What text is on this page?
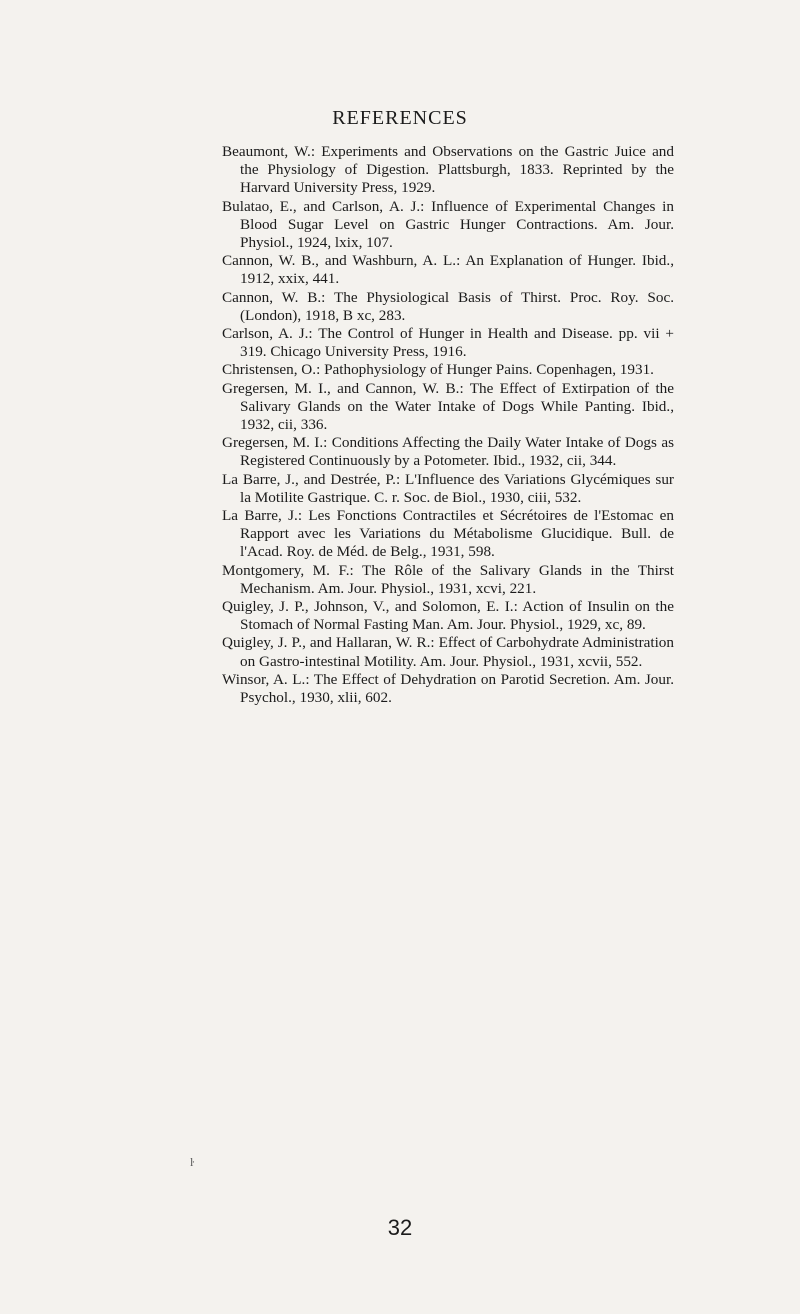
REFERENCES
Beaumont, W.: Experiments and Observations on the Gastric Juice and the Physiology of Digestion. Plattsburgh, 1833. Reprinted by the Harvard University Press, 1929.
Bulatao, E., and Carlson, A. J.: Influence of Experimental Changes in Blood Sugar Level on Gastric Hunger Contractions. Am. Jour. Physiol., 1924, lxix, 107.
Cannon, W. B., and Washburn, A. L.: An Explanation of Hunger. Ibid., 1912, xxix, 441.
Cannon, W. B.: The Physiological Basis of Thirst. Proc. Roy. Soc. (London), 1918, B xc, 283.
Carlson, A. J.: The Control of Hunger in Health and Disease. pp. vii + 319. Chicago University Press, 1916.
Christensen, O.: Pathophysiology of Hunger Pains. Copenhagen, 1931.
Gregersen, M. I., and Cannon, W. B.: The Effect of Extirpation of the Salivary Glands on the Water Intake of Dogs While Panting. Ibid., 1932, cii, 336.
Gregersen, M. I.: Conditions Affecting the Daily Water Intake of Dogs as Registered Continuously by a Potometer. Ibid., 1932, cii, 344.
La Barre, J., and Destrée, P.: L'Influence des Variations Glycémiques sur la Motilite Gastrique. C. r. Soc. de Biol., 1930, ciii, 532.
La Barre, J.: Les Fonctions Contractiles et Sécrétoires de l'Estomac en Rapport avec les Variations du Métabolisme Glucidique. Bull. de l'Acad. Roy. de Méd. de Belg., 1931, 598.
Montgomery, M. F.: The Rôle of the Salivary Glands in the Thirst Mechanism. Am. Jour. Physiol., 1931, xcvi, 221.
Quigley, J. P., Johnson, V., and Solomon, E. I.: Action of Insulin on the Stomach of Normal Fasting Man. Am. Jour. Physiol., 1929, xc, 89.
Quigley, J. P., and Hallaran, W. R.: Effect of Carbohydrate Administration on Gastro-intestinal Motility. Am. Jour. Physiol., 1931, xcvii, 552.
Winsor, A. L.: The Effect of Dehydration on Parotid Secretion. Am. Jour. Psychol., 1930, xlii, 602.
ŀ
32
